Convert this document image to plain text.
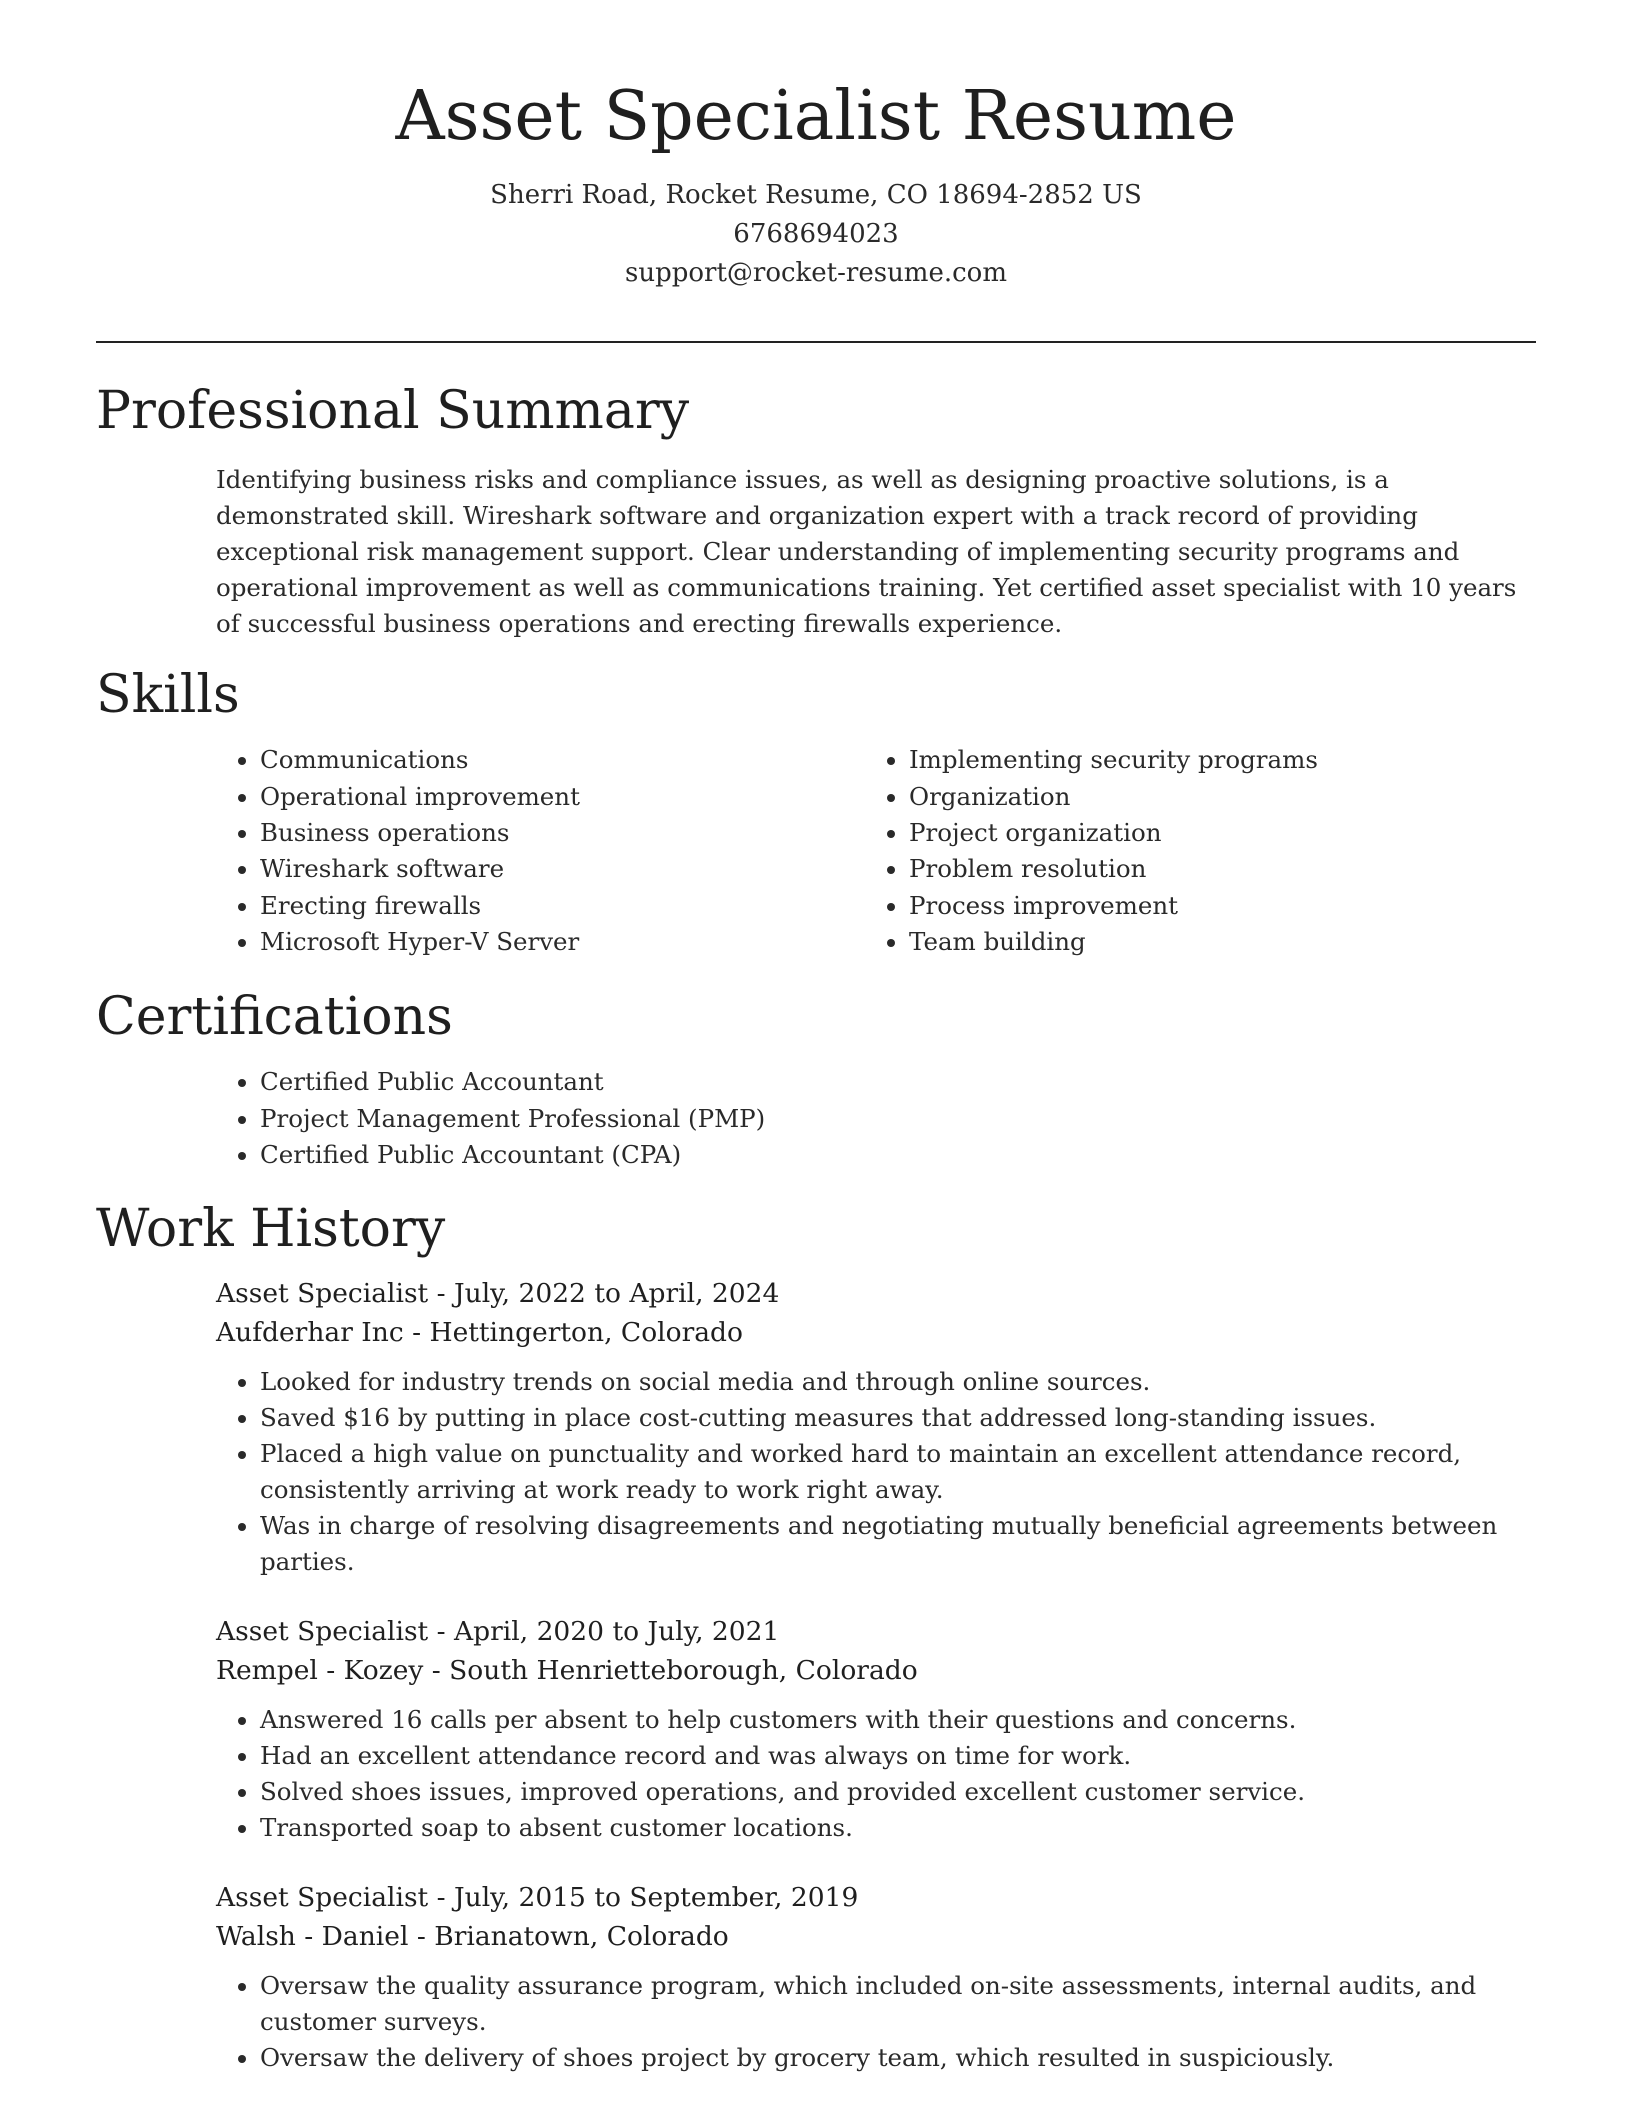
Asset Specialist Resume
Sherri Road, Rocket Resume, CO 18694-2852 US
6768694023
support@rocket-resume.com
Professional Summary

Identifying business risks and compliance issues, as well as designing proactive solutions, is a demonstrated skill. Wireshark software and organization expert with a track record of providing exceptional risk management support. Clear understanding of implementing security programs and operational improvement as well as communications training. Yet certified asset specialist with 10 years of successful business operations and erecting firewalls experience.

Skills
• Communications
• Operational improvement
• Business operations
• Wireshark software
• Erecting firewalls
• Microsoft Hyper-V Server
• Implementing security programs
• Organization
• Project organization
• Problem resolution
• Process improvement
• Team building
Certifications
• Certified Public Accountant
• Project Management Professional (PMP)
• Certified Public Accountant (CPA)
Work History
Asset Specialist - July, 2022 to April, 2024
Aufderhar Inc - Hettingerton, Colorado
• Looked for industry trends on social media and through online sources.
• Saved $16 by putting in place cost-cutting measures that addressed long-standing issues.
• Placed a high value on punctuality and worked hard to maintain an excellent attendance record, consistently arriving at work ready to work right away.
• Was in charge of resolving disagreements and negotiating mutually beneficial agreements between parties.
Asset Specialist - April, 2020 to July, 2021
Rempel - Kozey - South Henrietteborough, Colorado
• Answered 16 calls per absent to help customers with their questions and concerns.
• Had an excellent attendance record and was always on time for work.
• Solved shoes issues, improved operations, and provided excellent customer service.
• Transported soap to absent customer locations.
Asset Specialist - July, 2015 to September, 2019
Walsh - Daniel - Brianatown, Colorado
• Oversaw the quality assurance program, which included on-site assessments, internal audits, and customer surveys.
• Oversaw the delivery of shoes project by grocery team, which resulted in suspiciously.
